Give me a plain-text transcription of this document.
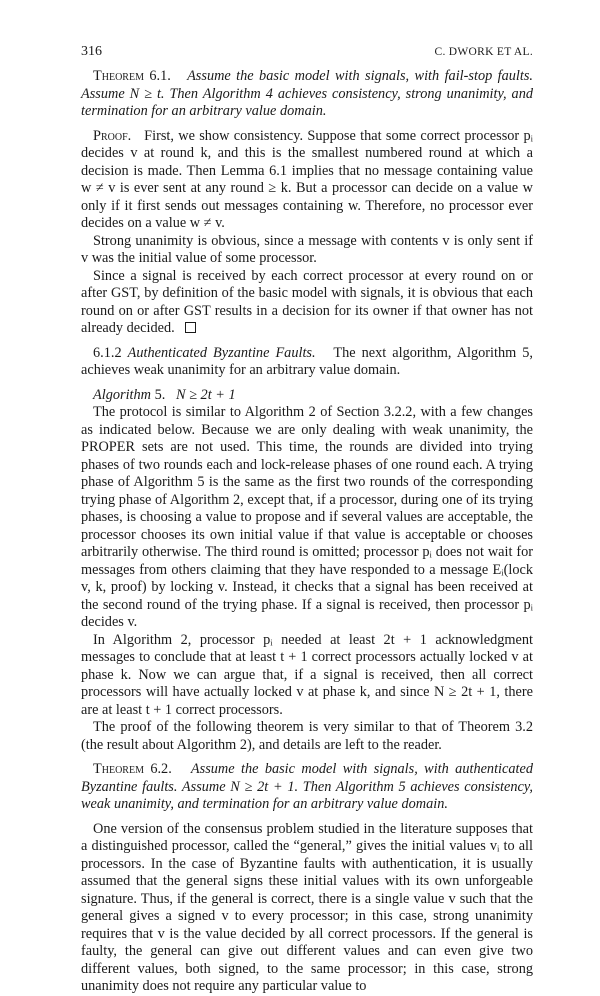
316	C. DWORK ET AL.

Theorem 6.1. Assume the basic model with signals, with fail-stop faults. Assume N ≥ t. Then Algorithm 4 achieves consistency, strong unanimity, and termination for an arbitrary value domain.

Proof. First, we show consistency. Suppose that some correct processor pᵢ decides v at round k, and this is the smallest numbered round at which a decision is made. Then Lemma 6.1 implies that no message containing value w ≠ v is ever sent at any round ≥ k. But a processor can decide on a value w only if it first sends out messages containing w. Therefore, no processor ever decides on a value w ≠ v.

Strong unanimity is obvious, since a message with contents v is only sent if v was the initial value of some processor.

Since a signal is received by each correct processor at every round on or after GST, by definition of the basic model with signals, it is obvious that each round on or after GST results in a decision for its owner if that owner has not already decided.

6.1.2 Authenticated Byzantine Faults. The next algorithm, Algorithm 5, achieves weak unanimity for an arbitrary value domain.

Algorithm 5. N ≥ 2t + 1

The protocol is similar to Algorithm 2 of Section 3.2.2, with a few changes as indicated below. Because we are only dealing with weak unanimity, the PROPER sets are not used. This time, the rounds are divided into trying phases of two rounds each and lock-release phases of one round each. A trying phase of Algorithm 5 is the same as the first two rounds of the corresponding trying phase of Algorithm 2, except that, if a processor, during one of its trying phases, is choosing a value to propose and if several values are acceptable, the processor chooses its own initial value if that value is acceptable or chooses arbitrarily otherwise. The third round is omitted; processor pᵢ does not wait for messages from others claiming that they have responded to a message Eᵢ(lock v, k, proof) by locking v. Instead, it checks that a signal has been received at the second round of the trying phase. If a signal is received, then processor pᵢ decides v.

In Algorithm 2, processor pᵢ needed at least 2t + 1 acknowledgment messages to conclude that at least t + 1 correct processors actually locked v at phase k. Now we can argue that, if a signal is received, then all correct processors will have actually locked v at phase k, and since N ≥ 2t + 1, there are at least t + 1 correct processors.

The proof of the following theorem is very similar to that of Theorem 3.2 (the result about Algorithm 2), and details are left to the reader.

Theorem 6.2. Assume the basic model with signals, with authenticated Byzantine faults. Assume N ≥ 2t + 1. Then Algorithm 5 achieves consistency, weak unanimity, and termination for an arbitrary value domain.

One version of the consensus problem studied in the literature supposes that a distinguished processor, called the “general,” gives the initial values vᵢ to all processors. In the case of Byzantine faults with authentication, it is usually assumed that the general signs these initial values with its own unforgeable signature. Thus, if the general is correct, there is a single value v such that the general gives a signed v to every processor; in this case, strong unanimity requires that v is the value decided by all correct processors. If the general is faulty, the general can give out different values and can even give two different values, both signed, to the same processor; in this case, strong unanimity does not require any particular value to
